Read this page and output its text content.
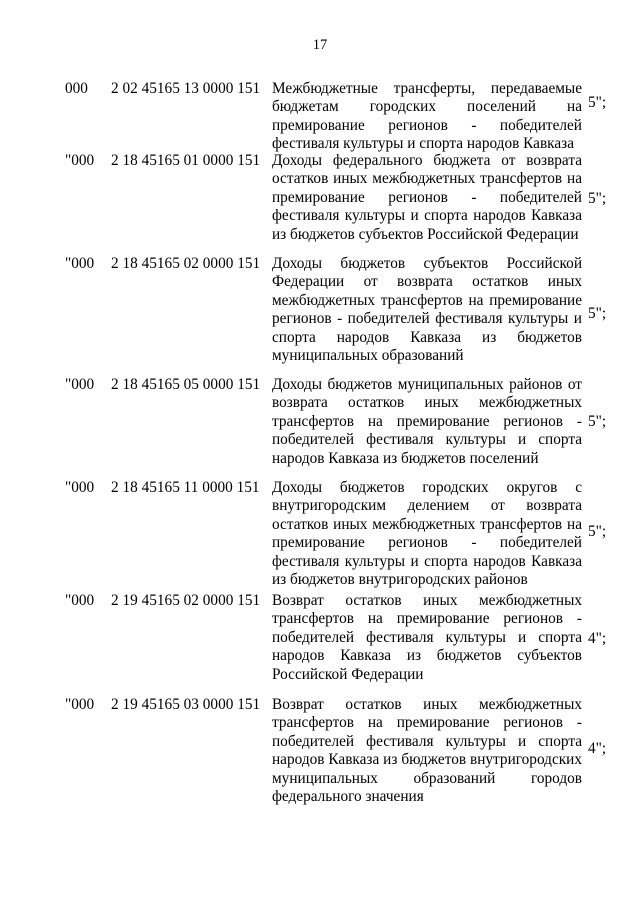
17
000 2 02 45165 13 0000 151 Межбюджетные трансферты, передаваемые бюджетам городских поселений на премирование регионов - победителей фестиваля культуры и спорта народов Кавказа
5";
"000 2 18 45165 01 0000 151 Доходы федерального бюджета от возврата остатков иных межбюджетных трансфертов на премирование регионов - победителей фестиваля культуры и спорта народов Кавказа из бюджетов субъектов Российской Федерации
5";
"000 2 18 45165 02 0000 151 Доходы бюджетов субъектов Российской Федерации от возврата остатков иных межбюджетных трансфертов на премирование регионов - победителей фестиваля культуры и спорта народов Кавказа из бюджетов муниципальных образований
5";
"000 2 18 45165 05 0000 151 Доходы бюджетов муниципальных районов от возврата остатков иных межбюджетных трансфертов на премирование регионов - победителей фестиваля культуры и спорта народов Кавказа из бюджетов поселений
5";
"000 2 18 45165 11 0000 151 Доходы бюджетов городских округов с внутригородским делением от возврата остатков иных межбюджетных трансфертов на премирование регионов - победителей фестиваля культуры и спорта народов Кавказа из бюджетов внутригородских районов
5";
"000 2 19 45165 02 0000 151 Возврат остатков иных межбюджетных трансфертов на премирование регионов - победителей фестиваля культуры и спорта народов Кавказа из бюджетов субъектов Российской Федерации
4";
"000 2 19 45165 03 0000 151 Возврат остатков иных межбюджетных трансфертов на премирование регионов - победителей фестиваля культуры и спорта народов Кавказа из бюджетов внутригородских муниципальных образований городов федерального значения
4";
